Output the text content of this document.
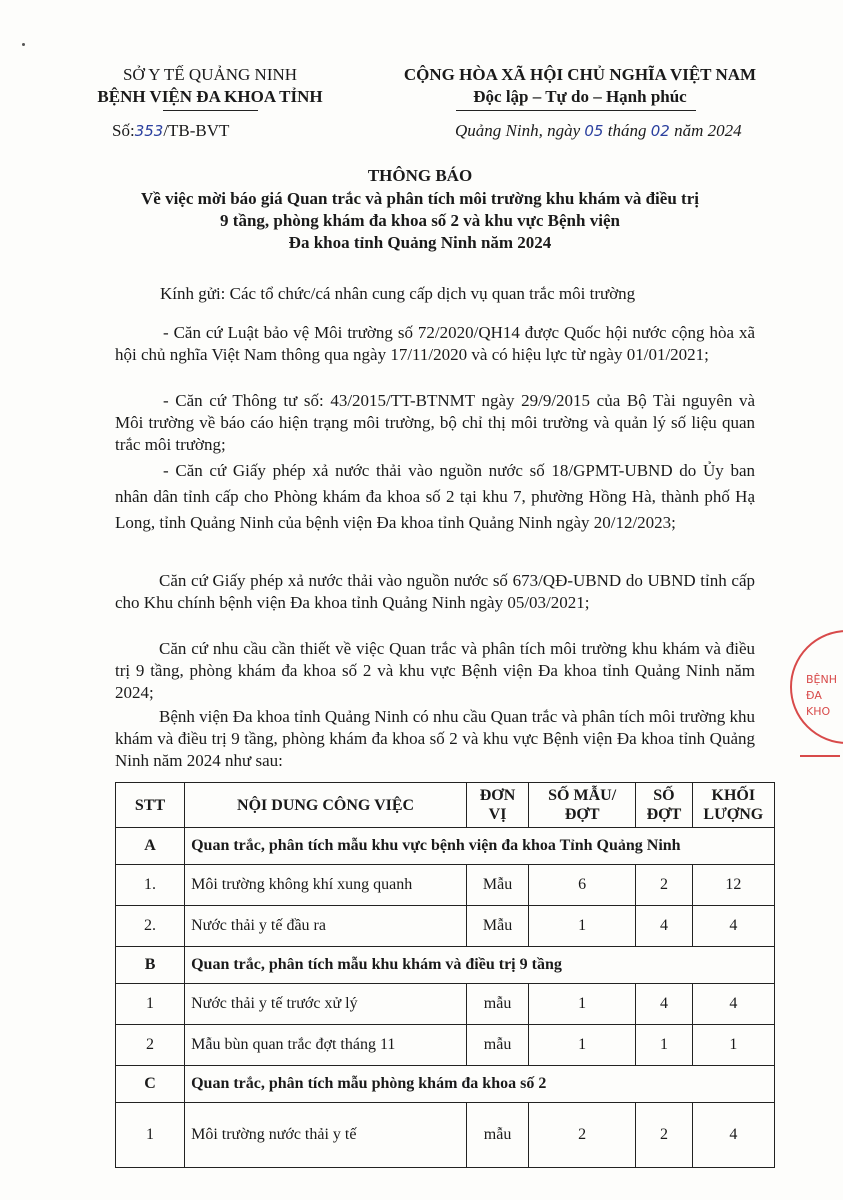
SỞ Y TẾ QUẢNG NINH
BỆNH VIỆN ĐA KHOA TỈNH
CỘNG HÒA XÃ HỘI CHỦ NGHĨA VIỆT NAM
Độc lập – Tự do – Hạnh phúc
Số:353/TB-BVT	Quảng Ninh, ngày 05 tháng 02 năm 2024
THÔNG BÁO
Về việc mời báo giá Quan trắc và phân tích môi trường khu khám và điều trị
9 tầng, phòng khám đa khoa số 2 và khu vực Bệnh viện
Đa khoa tỉnh Quảng Ninh năm 2024
Kính gửi: Các tổ chức/cá nhân cung cấp dịch vụ quan trắc môi trường
- Căn cứ Luật bảo vệ Môi trường số 72/2020/QH14 được Quốc hội nước cộng hòa xã hội chủ nghĩa Việt Nam thông qua ngày 17/11/2020 và có hiệu lực từ ngày 01/01/2021;
- Căn cứ Thông tư số: 43/2015/TT-BTNMT ngày 29/9/2015 của Bộ Tài nguyên và Môi trường về báo cáo hiện trạng môi trường, bộ chỉ thị môi trường và quản lý số liệu quan trắc môi trường;
- Căn cứ Giấy phép xả nước thải vào nguồn nước số 18/GPMT-UBND do Ủy ban nhân dân tỉnh cấp cho Phòng khám đa khoa số 2 tại khu 7, phường Hồng Hà, thành phố Hạ Long, tỉnh Quảng Ninh của bệnh viện Đa khoa tỉnh Quảng Ninh ngày 20/12/2023;
Căn cứ Giấy phép xả nước thải vào nguồn nước số 673/QĐ-UBND do UBND tỉnh cấp cho Khu chính bệnh viện Đa khoa tỉnh Quảng Ninh ngày 05/03/2021;
Căn cứ nhu cầu cần thiết về việc Quan trắc và phân tích môi trường khu khám và điều trị 9 tầng, phòng khám đa khoa số 2 và khu vực Bệnh viện Đa khoa tỉnh Quảng Ninh năm 2024;
Bệnh viện Đa khoa tỉnh Quảng Ninh có nhu cầu Quan trắc và phân tích môi trường khu khám và điều trị 9 tầng, phòng khám đa khoa số 2 và khu vực Bệnh viện Đa khoa tỉnh Quảng Ninh năm 2024 như sau:
BỆNH
ĐA KHO
STT	NỘI DUNG CÔNG VIỆC	ĐƠN VỊ	SỐ MẪU/ ĐỢT	SỐ ĐỢT	KHỐI LƯỢNG
A	Quan trắc, phân tích mẫu khu vực bệnh viện đa khoa Tỉnh Quảng Ninh				
1.	Môi trường không khí xung quanh	Mẫu	6	2	12
2.	Nước thải y tế đầu ra	Mẫu	1	4	4
B	Quan trắc, phân tích mẫu khu khám và điều trị 9 tầng				
1	Nước thải y tế trước xử lý	mẫu	1	4	4
2	Mẫu bùn quan trắc đợt tháng 11	mẫu	1	1	1
C	Quan trắc, phân tích mẫu phòng khám đa khoa số 2				
1	Môi trường nước thải y tế	mẫu	2	2	4
